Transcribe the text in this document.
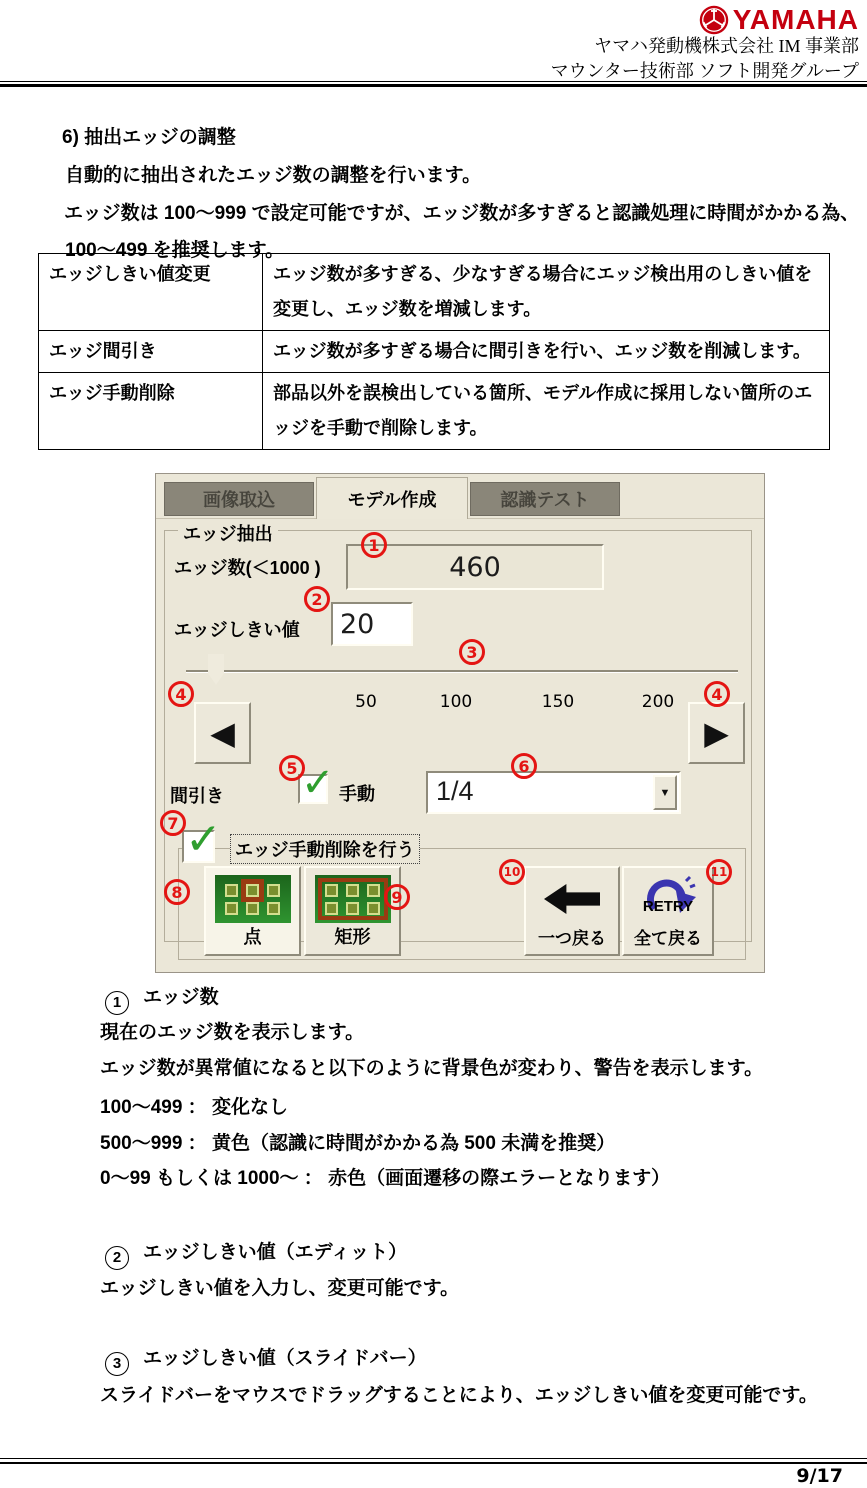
YAMAHA
ヤマハ発動機株式会社 IM 事業部
マウンター技術部 ソフト開発グループ
6) 抽出エッジの調整
自動的に抽出されたエッジ数の調整を行います。
エッジ数は 100～999 で設定可能ですが、エッジ数が多すぎると認識処理に時間がかかる為、
100～499 を推奨します。
エッジしきい値変更	エッジ数が多すぎる、少なすぎる場合にエッジ検出用のしきい値を変更し、エッジ数を増減します。
エッジ間引き	エッジ数が多すぎる場合に間引きを行い、エッジ数を削減します。
エッジ手動削除	部品以外を誤検出している箇所、モデル作成に採用しない箇所のエッジを手動で削除します。
画像取込	モデル作成	認識テスト
エッジ抽出
エッジ数(＜1000 )	460
エッジしきい値 20
50	100	150	200
◀	▶
間引き ✓ 手動 1/4	▼
✓ エッジ手動削除を行う
点	矩形	一つ戻る
RETRY
全て戻る
1
2
3
4	4
5	6
7
8	9
10	11
1 エッジ数
現在のエッジ数を表示します。
エッジ数が異常値になると以下のように背景色が変わり、警告を表示します。
100～499 ： 変化なし
500～999 ： 黄色（認識に時間がかかる為 500 未満を推奨）
0～99 もしくは 1000～ ： 赤色（画面遷移の際エラーとなります）
2 エッジしきい値（エディット）
エッジしきい値を入力し、変更可能です。
3 エッジしきい値（スライドバー）
スライドバーをマウスでドラッグすることにより、エッジしきい値を変更可能です。
9/17
